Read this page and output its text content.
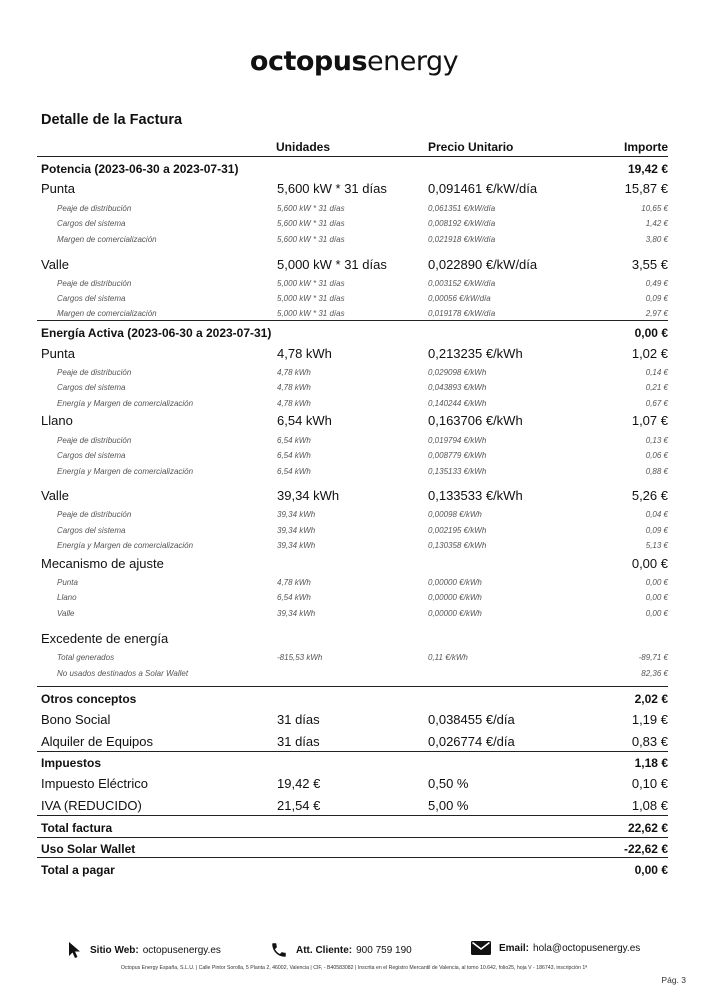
octopusenergy
Detalle de la Factura
Unidades	Precio Unitario	Importe
Potencia (2023-06-30 a 2023-07-31)	19,42 €
Punta	5,600 kW * 31 días	0,091461 €/kW/día	15,87 €
Peaje de distribución	5,600 kW * 31 días	0,061351 €/kW/día	10,65 €
Cargos del sistema	5,600 kW * 31 días	0,008192 €/kW/día	1,42 €
Margen de comercialización	5,600 kW * 31 días	0,021918 €/kW/día	3,80 €
Valle	5,000 kW * 31 días	0,022890 €/kW/día	3,55 €
Peaje de distribución	5,000 kW * 31 días	0,003152 €/kW/día	0,49 €
Cargos del sistema	5,000 kW * 31 días	0,00056 €/kW/día	0,09 €
Margen de comercialización	5,000 kW * 31 días	0,019178 €/kW/día	2,97 €
Energía Activa (2023-06-30 a 2023-07-31)	0,00 €
Punta	4,78 kWh	0,213235 €/kWh	1,02 €
Peaje de distribución	4,78 kWh	0,029098 €/kWh	0,14 €
Cargos del sistema	4,78 kWh	0,043893 €/kWh	0,21 €
Energía y Margen de comercialización	4,78 kWh	0,140244 €/kWh	0,67 €
Llano	6,54 kWh	0,163706 €/kWh	1,07 €
Peaje de distribución	6,54 kWh	0,019794 €/kWh	0,13 €
Cargos del sistema	6,54 kWh	0,008779 €/kWh	0,06 €
Energía y Margen de comercialización	6,54 kWh	0,135133 €/kWh	0,88 €
Valle	39,34 kWh	0,133533 €/kWh	5,26 €
Peaje de distribución	39,34 kWh	0,00098 €/kWh	0,04 €
Cargos del sistema	39,34 kWh	0,002195 €/kWh	0,09 €
Energía y Margen de comercialización	39,34 kWh	0,130358 €/kWh	5,13 €
Mecanismo de ajuste	0,00 €
Punta	4,78 kWh	0,00000 €/kWh	0,00 €
Llano	6,54 kWh	0,00000 €/kWh	0,00 €
Valle	39,34 kWh	0,00000 €/kWh	0,00 €
Excedente de energía
Total generados	-815,53 kWh	0,11 €/kWh	-89,71 €
No usados destinados a Solar Wallet	82,36 €
Otros conceptos	2,02 €
Bono Social	31 días	0,038455 €/día	1,19 €
Alquiler de Equipos	31 días	0,026774 €/día	0,83 €
Impuestos	1,18 €
Impuesto Eléctrico	19,42 €	0,50 %	0,10 €
IVA (REDUCIDO)	21,54 €	5,00 %	1,08 €
Total factura	22,62 €
Uso Solar Wallet	-22,62 €
Total a pagar	0,00 €
Sitio Web: octopusenergy.es	Att. Cliente: 900 759 190	Email: hola@octopusenergy.es
Octopus Energy España, S.L.U. | Calle Pintor Sorolla, 5 Planta 2, 46002, Valencia | CIF, - B40583082 | Inscrita en el Registro Mercantil de Valencia, al tomo 10.642, folio25, hoja V - 186743, inscripción 1ª
Pág. 3
